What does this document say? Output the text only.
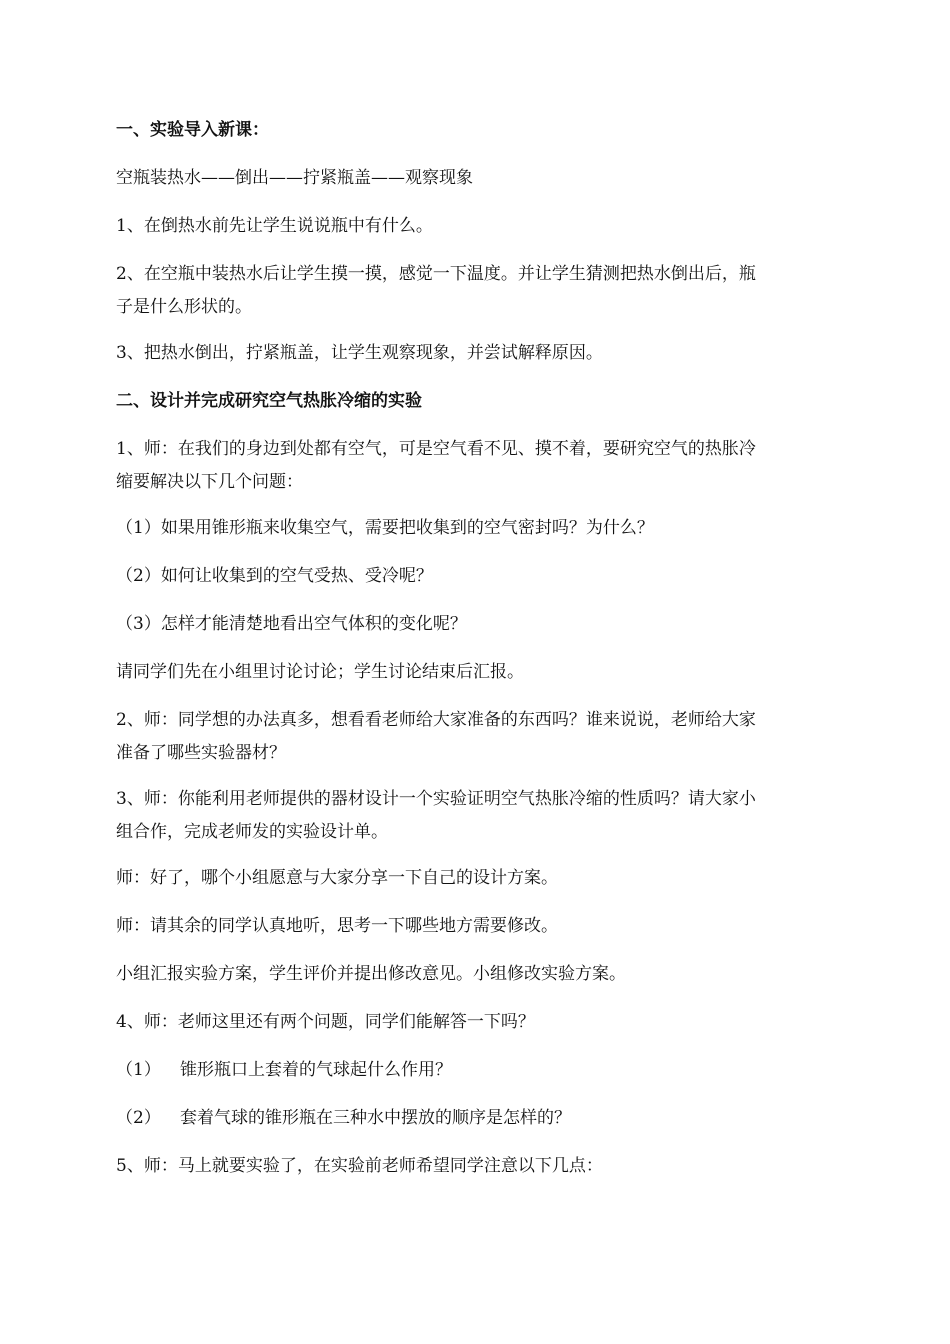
一、实验导入新课：

空瓶装热水——倒出——拧紧瓶盖——观察现象

1、在倒热水前先让学生说说瓶中有什么。

2、在空瓶中装热水后让学生摸一摸，感觉一下温度。并让学生猜测把热水倒出后，瓶

子是什么形状的。

3、把热水倒出，拧紧瓶盖，让学生观察现象，并尝试解释原因。

二、设计并完成研究空气热胀冷缩的实验

1、师：在我们的身边到处都有空气，可是空气看不见、摸不着，要研究空气的热胀冷

缩要解决以下几个问题：

（1）如果用锥形瓶来收集空气，需要把收集到的空气密封吗？为什么？

（2）如何让收集到的空气受热、受冷呢？

（3）怎样才能清楚地看出空气体积的变化呢？

请同学们先在小组里讨论讨论；学生讨论结束后汇报。

2、师：同学想的办法真多，想看看老师给大家准备的东西吗？谁来说说，老师给大家

准备了哪些实验器材？

3、师：你能利用老师提供的器材设计一个实验证明空气热胀冷缩的性质吗？请大家小

组合作，完成老师发的实验设计单。

师：好了，哪个小组愿意与大家分享一下自己的设计方案。

师：请其余的同学认真地听，思考一下哪些地方需要修改。

小组汇报实验方案，学生评价并提出修改意见。小组修改实验方案。

4、师：老师这里还有两个问题，同学们能解答一下吗？

（1） 锥形瓶口上套着的气球起什么作用？

（2） 套着气球的锥形瓶在三种水中摆放的顺序是怎样的？

5、师：马上就要实验了，在实验前老师希望同学注意以下几点：
